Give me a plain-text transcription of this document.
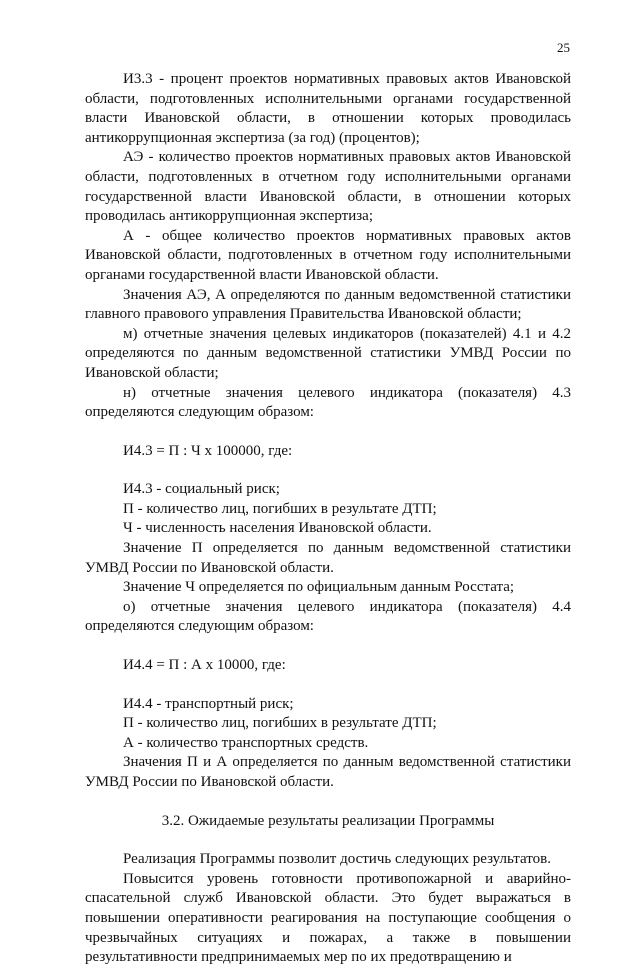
25

И3.3 - процент проектов нормативных правовых актов Ивановской области, подготовленных исполнительными органами государственной власти Ивановской области, в отношении которых проводилась антикоррупционная экспертиза (за год) (процентов);

АЭ - количество проектов нормативных правовых актов Ивановской области, подготовленных в отчетном году исполнительными органами государственной власти Ивановской области, в отношении которых проводилась антикоррупционная экспертиза;

А - общее количество проектов нормативных правовых актов Ивановской области, подготовленных в отчетном году исполнительными органами государственной власти Ивановской области.

Значения АЭ, А определяются по данным ведомственной статистики главного правового управления Правительства Ивановской области;

м) отчетные значения целевых индикаторов (показателей) 4.1 и 4.2 определяются по данным ведомственной статистики УМВД России по Ивановской области;

н) отчетные значения целевого индикатора (показателя) 4.3 определяются следующим образом:

И4.3 = П : Ч х 100000, где:

И4.3 - социальный риск;

П - количество лиц, погибших в результате ДТП;

Ч - численность населения Ивановской области.

Значение П определяется по данным ведомственной статистики УМВД России по Ивановской области.

Значение Ч определяется по официальным данным Росстата;

о) отчетные значения целевого индикатора (показателя) 4.4 определяются следующим образом:

И4.4 = П : А х 10000, где:

И4.4 - транспортный риск;

П - количество лиц, погибших в результате ДТП;

А - количество транспортных средств.

Значения П и А определяется по данным ведомственной статистики УМВД России по Ивановской области.

3.2. Ожидаемые результаты реализации Программы

Реализация Программы позволит достичь следующих результатов.

Повысится уровень готовности противопожарной и аварийно-спасательной служб Ивановской области. Это будет выражаться в повышении оперативности реагирования на поступающие сообщения о чрезвычайных ситуациях и пожарах, а также в повышении результативности предпринимаемых мер по их предотвращению и
